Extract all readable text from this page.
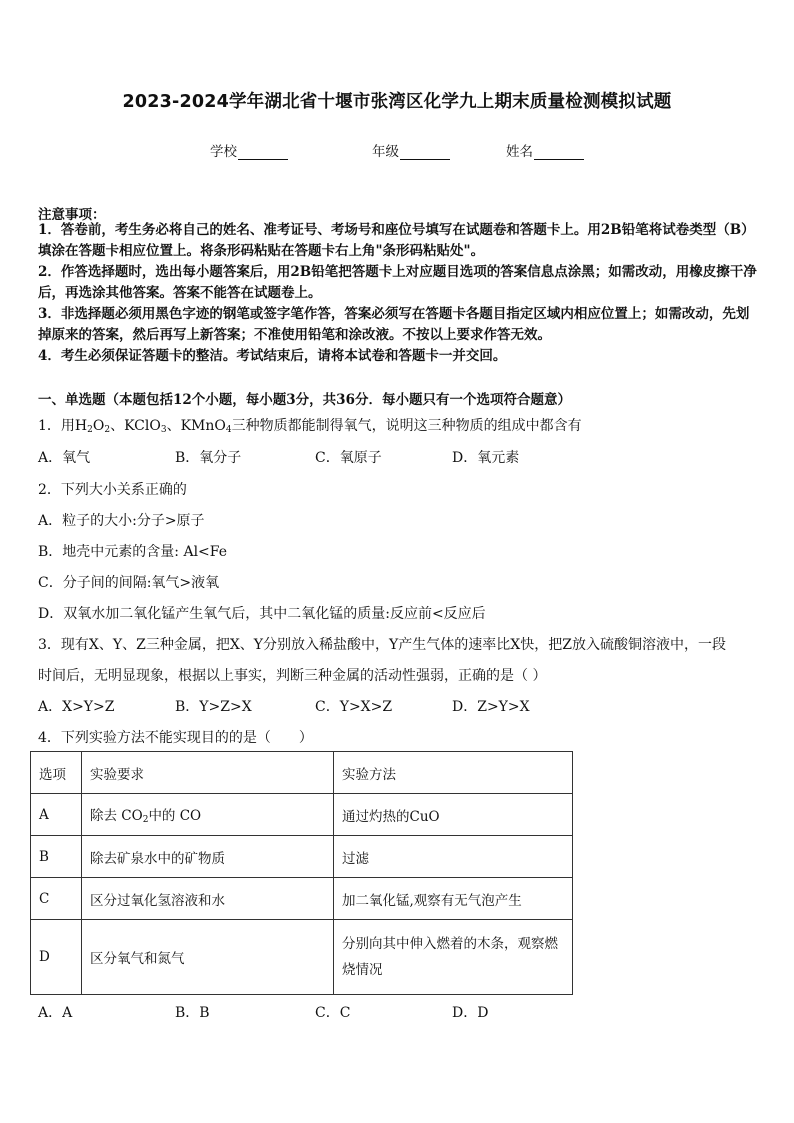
2023-2024学年湖北省十堰市张湾区化学九上期末质量检测模拟试题
学校	年级	姓名
注意事项：
1．答卷前，考生务必将自己的姓名、准考证号、考场号和座位号填写在试题卷和答题卡上。用2B铅笔将试卷类型（B）填涂在答题卡相应位置上。将条形码粘贴在答题卡右上角"条形码粘贴处"。
2．作答选择题时，选出每小题答案后，用2B铅笔把答题卡上对应题目选项的答案信息点涂黑；如需改动，用橡皮擦干净后，再选涂其他答案。答案不能答在试题卷上。
3．非选择题必须用黑色字迹的钢笔或签字笔作答，答案必须写在答题卡各题目指定区域内相应位置上；如需改动，先划掉原来的答案，然后再写上新答案；不准使用铅笔和涂改液。不按以上要求作答无效。
4．考生必须保证答题卡的整洁。考试结束后，请将本试卷和答题卡一并交回。
一、单选题（本题包括12个小题，每小题3分，共36分．每小题只有一个选项符合题意）
1．用$H_2O_2$、KClO$_3$、KMnO$_4$三种物质都能制得氧气，说明这三种物质的组成中都含有
A．氧气	B．氧分子	C．氧原子	D．氧元素
2．下列大小关系正确的
A．粒子的大小:分子>原子
B．地壳中元素的含量: Al<Fe
C．分子间的间隔:氧气>液氧
D．双氧水加二氧化锰产生氧气后，其中二氧化锰的质量:反应前<反应后
3．现有X、Y、Z三种金属，把X、Y分别放入稀盐酸中，Y产生气体的速率比X快，把Z放入硫酸铜溶液中，一段
时间后，无明显现象，根据以上事实，判断三种金属的活动性强弱，正确的是（ ）
A．X>Y>Z	B．Y>Z>X	C．Y>X>Z	D．Z>Y>X
4．下列实验方法不能实现目的的是（　　）
选项	实验要求	实验方法
A	除去 $CO_2$中的 CO	通过灼热的CuO
B	除去矿泉水中的矿物质	过滤
C	区分过氧化氢溶液和水	加二氧化锰,观察有无气泡产生
D	区分氧气和氮气	分别向其中伸入燃着的木条，观察燃
烧情况
A．A	B．B	C．C	D．D
